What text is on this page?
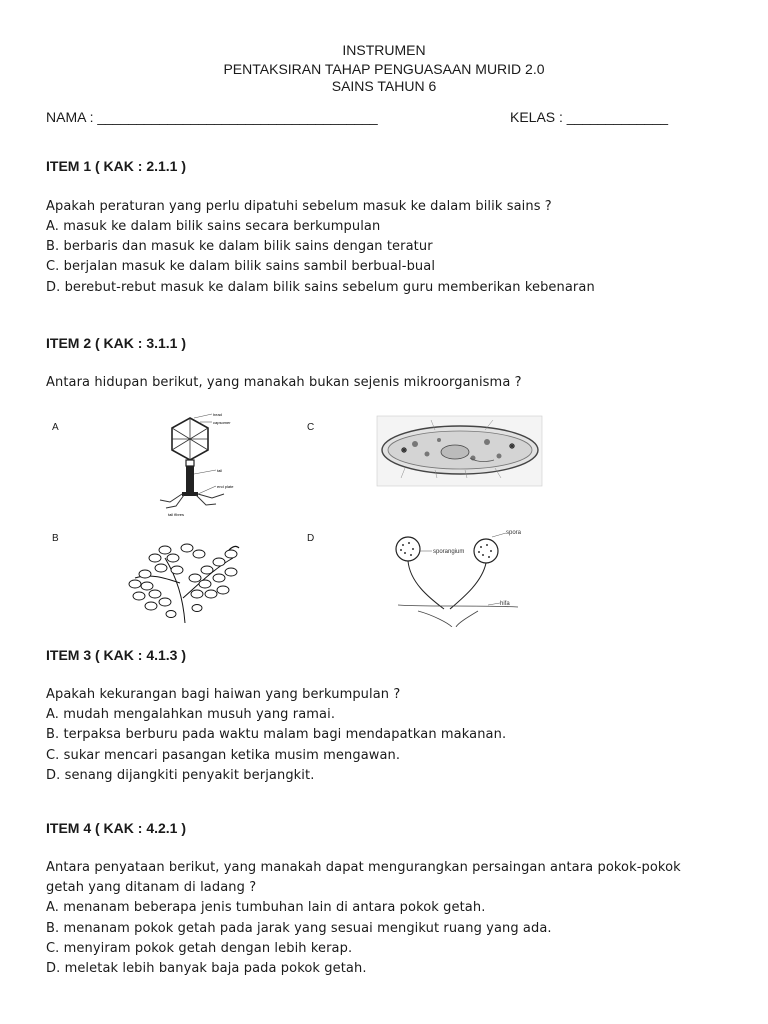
INSTRUMEN
PENTAKSIRAN TAHAP PENGUASAAN MURID 2.0
SAINS TAHUN 6
NAMA : ____________________________________	KELAS : _____________
ITEM 1 ( KAK : 2.1.1 )
Apakah peraturan yang perlu dipatuhi sebelum masuk ke dalam bilik sains ?
A. masuk ke dalam bilik sains secara berkumpulan
B. berbaris dan masuk ke dalam bilik sains dengan teratur
C. berjalan masuk ke dalam bilik sains sambil berbual-bual
D. berebut-rebut masuk ke dalam bilik sains sebelum guru memberikan kebenaran
ITEM 2 ( KAK : 3.1.1 )
Antara hidupan berikut, yang manakah bukan sejenis mikroorganisma ?
A
B
C
D
head
capsomer
tail
end plate
tail fibres
sporangium
spora
hifa
ITEM 3 ( KAK : 4.1.3 )
Apakah kekurangan bagi haiwan yang berkumpulan ?
A. mudah mengalahkan musuh yang ramai.
B. terpaksa berburu pada waktu malam bagi mendapatkan makanan.
C. sukar mencari pasangan ketika musim mengawan.
D. senang dijangkiti penyakit berjangkit.
ITEM 4 ( KAK : 4.2.1 )
Antara penyataan berikut, yang manakah dapat mengurangkan persaingan antara pokok-pokok
getah yang ditanam di ladang ?
A. menanam beberapa jenis tumbuhan lain di antara pokok getah.
B. menanam pokok getah pada jarak yang sesuai mengikut ruang yang ada.
C. menyiram pokok getah dengan lebih kerap.
D. meletak lebih banyak baja pada pokok getah.
